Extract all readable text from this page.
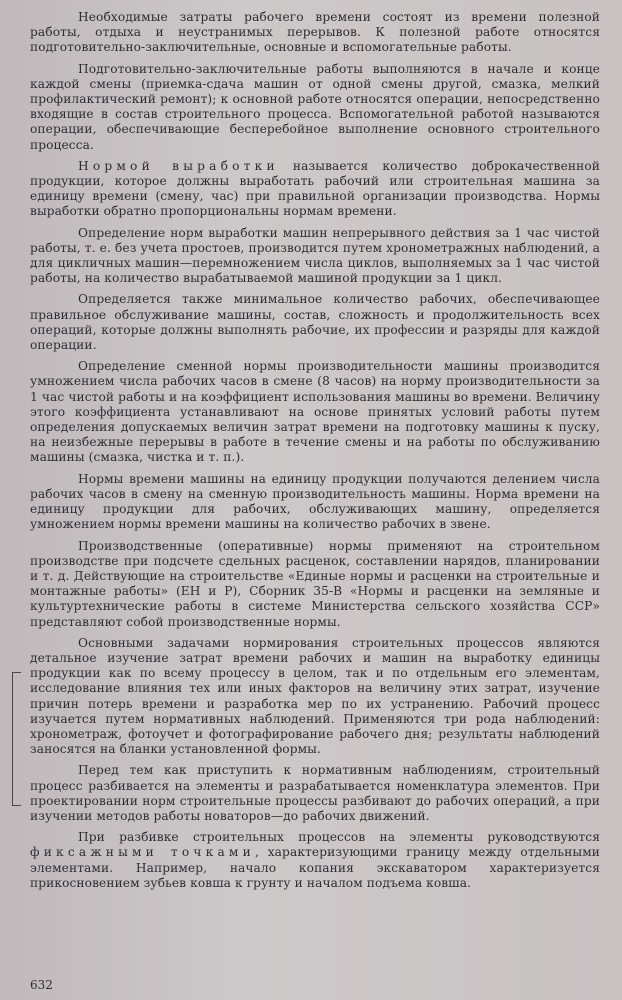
Необходимые затраты рабочего времени состоят из времени полезной работы, отдыха и неустранимых перерывов. К полезной работе относятся подготовительно-заключительные, основные и вспомогательные работы.

Подготовительно-заключительные работы выполняются в начале и конце каждой смены (приемка-сдача машин от одной смены другой, смазка, мелкий профилактический ремонт); к основной работе относятся операции, непосредственно входящие в состав строительного процесса. Вспомогательной работой называются операции, обеспечивающие бесперебойное выполнение основного строительного процесса.

Нормой выработки называется количество доброкачественной продукции, которое должны выработать рабочий или строительная машина за единицу времени (смену, час) при правильной организации производства. Нормы выработки обратно пропорциональны нормам времени.

Определение норм выработки машин непрерывного действия за 1 час чистой работы, т. е. без учета простоев, производится путем хронометражных наблюдений, а для цикличных машин—перемножением числа циклов, выполняемых за 1 час чистой работы, на количество вырабатываемой машиной продукции за 1 цикл.

Определяется также минимальное количество рабочих, обеспечивающее правильное обслуживание машины, состав, сложность и продолжительность всех операций, которые должны выполнять рабочие, их профессии и разряды для каждой операции.

Определение сменной нормы производительности машины производится умножением числа рабочих часов в смене (8 часов) на норму производительности за 1 час чистой работы и на коэффициент использования машины во времени. Величину этого коэффициента устанавливают на основе принятых условий работы путем определения допускаемых величин затрат времени на подготовку машины к пуску, на неизбежные перерывы в работе в течение смены и на работы по обслуживанию машины (смазка, чистка и т. п.).

Нормы времени машины на единицу продукции получаются делением числа рабочих часов в смену на сменную производительность машины. Норма времени на единицу продукции для рабочих, обслуживающих машину, определяется умножением нормы времени машины на количество рабочих в звене.

Производственные (оперативные) нормы применяют на строительном производстве при подсчете сдельных расценок, составлении нарядов, планировании и т. д. Действующие на строительстве «Единые нормы и расценки на строительные и монтажные работы» (ЕН и Р), Сборник 35-В «Нормы и расценки на земляные и культуртехнические работы в системе Министерства сельского хозяйства ССР» представляют собой производственные нормы.

Основными задачами нормирования строительных процессов являются детальное изучение затрат времени рабочих и машин на выработку единицы продукции как по всему процессу в целом, так и по отдельным его элементам, исследование влияния тех или иных факторов на величину этих затрат, изучение причин потерь времени и разработка мер по их устранению. Рабочий процесс изучается путем нормативных наблюдений. Применяются три рода наблюдений: хронометраж, фотоучет и фотографирование рабочего дня; результаты наблюдений заносятся на бланки установленной формы.

Перед тем как приступить к нормативным наблюдениям, строительный процесс разбивается на элементы и разрабатывается номенклатура элементов. При проектировании норм строительные процессы разбивают до рабочих операций, а при изучении методов работы новаторов—до рабочих движений.

При разбивке строительных процессов на элементы руководствуются фиксажными точками, характеризующими границу между отдельными элементами. Например, начало копания экскаватором характеризуется прикосновением зубьев ковша к грунту и началом подъема ковша.

632
